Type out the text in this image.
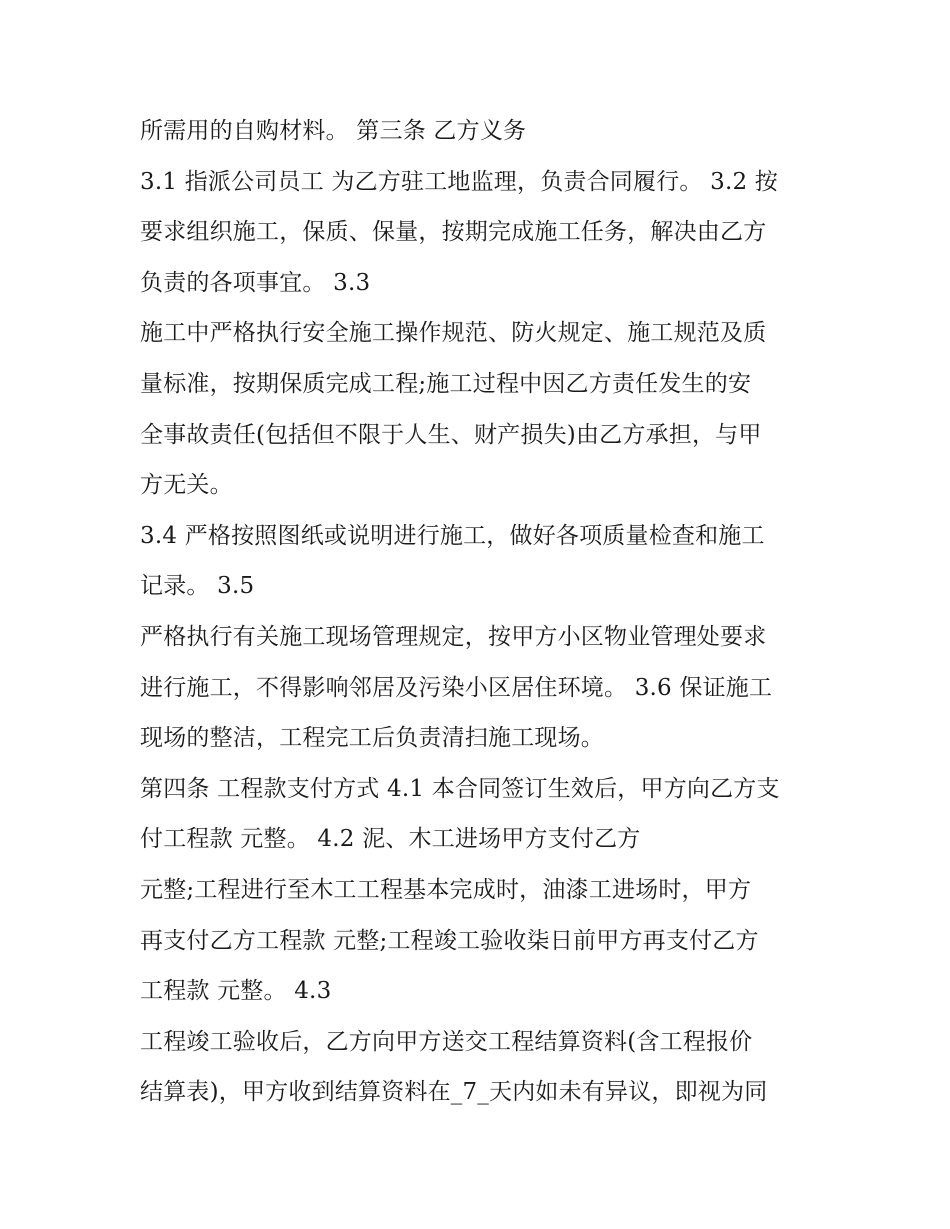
所需用的自购材料。 第三条 乙方义务
3.1 指派公司员工 为乙方驻工地监理，负责合同履行。 3.2 按
要求组织施工，保质、保量，按期完成施工任务，解决由乙方
负责的各项事宜。 3.3
施工中严格执行安全施工操作规范、防火规定、施工规范及质
量标准，按期保质完成工程;施工过程中因乙方责任发生的安
全事故责任(包括但不限于人生、财产损失)由乙方承担，与甲
方无关。
3.4 严格按照图纸或说明进行施工，做好各项质量检查和施工
记录。 3.5
严格执行有关施工现场管理规定，按甲方小区物业管理处要求
进行施工，不得影响邻居及污染小区居住环境。 3.6 保证施工
现场的整洁，工程完工后负责清扫施工现场。
第四条 工程款支付方式 4.1 本合同签订生效后，甲方向乙方支
付工程款 元整。 4.2 泥、木工进场甲方支付乙方
元整;工程进行至木工工程基本完成时，油漆工进场时，甲方
再支付乙方工程款 元整;工程竣工验收柒日前甲方再支付乙方
工程款 元整。 4.3
工程竣工验收后，乙方向甲方送交工程结算资料(含工程报价
结算表)，甲方收到结算资料在_7_天内如未有异议，即视为同
